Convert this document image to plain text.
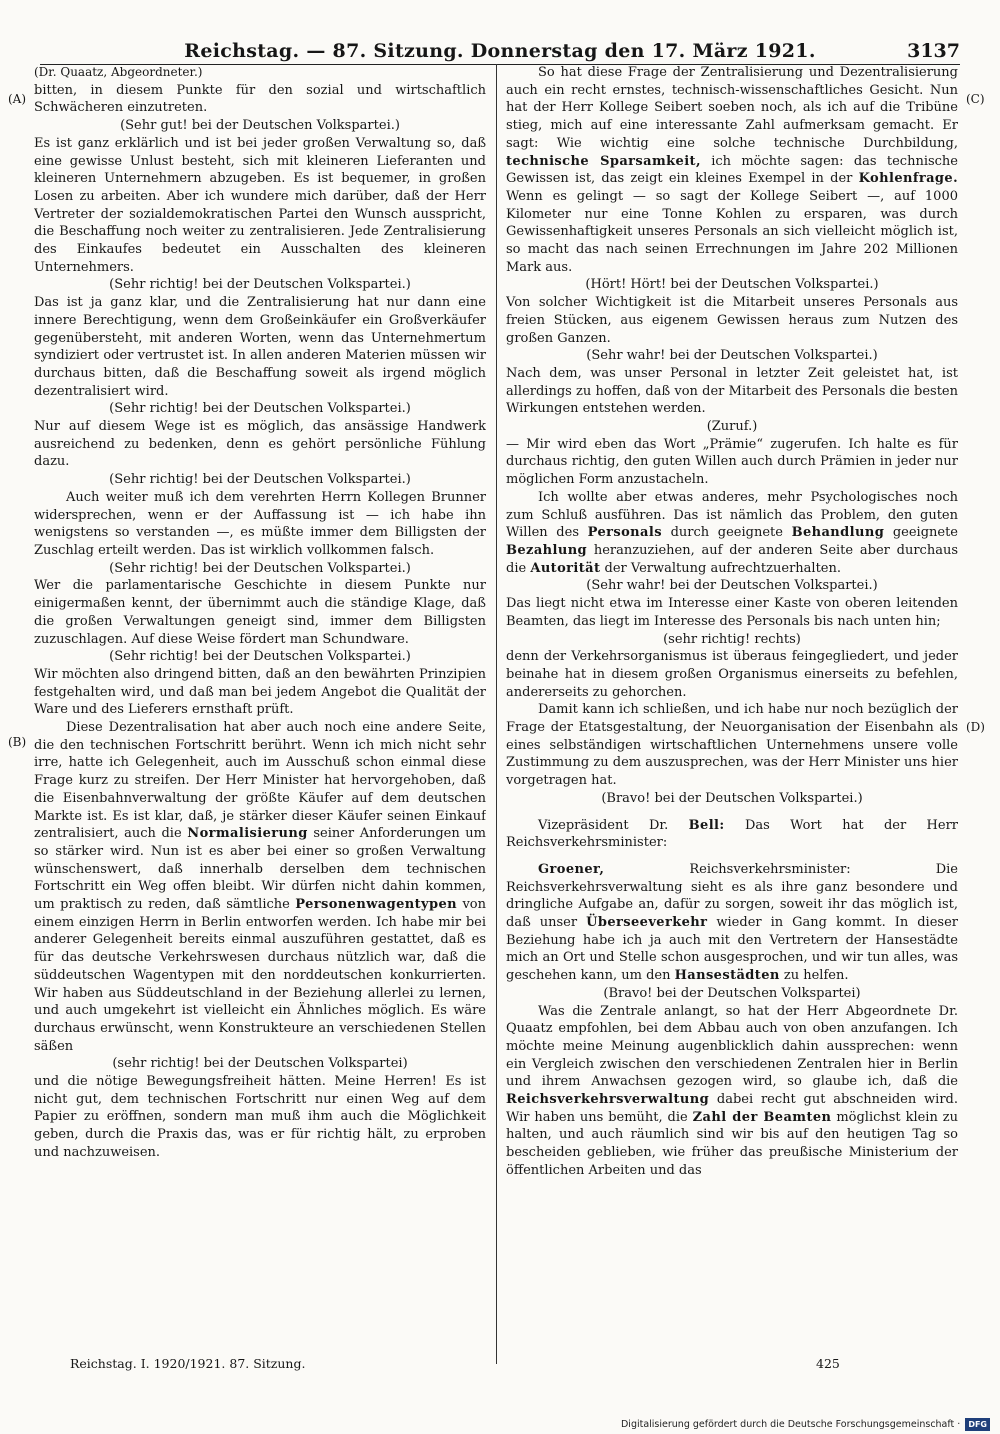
Reichstag. — 87. Sitzung. Donnerstag den 17. März 1921.	3137
(A)
(B)
(C)
(D)

(Dr. Quaatz, Abgeordneter.)

bitten, in diesem Punkte für den sozial und wirtschaftlich Schwächeren einzutreten.

(Sehr gut! bei der Deutschen Volkspartei.)

Es ist ganz erklärlich und ist bei jeder großen Verwaltung so, daß eine gewisse Unlust besteht, sich mit kleineren Lieferanten und kleineren Unternehmern abzugeben. Es ist bequemer, in großen Losen zu arbeiten. Aber ich wundere mich darüber, daß der Herr Vertreter der sozialdemokratischen Partei den Wunsch ausspricht, die Beschaffung noch weiter zu zentralisieren. Jede Zentralisierung des Einkaufes bedeutet ein Ausschalten des kleineren Unternehmers.

(Sehr richtig! bei der Deutschen Volkspartei.)

Das ist ja ganz klar, und die Zentralisierung hat nur dann eine innere Berechtigung, wenn dem Großeinkäufer ein Großverkäufer gegenübersteht, mit anderen Worten, wenn das Unternehmertum syndiziert oder vertrustet ist. In allen anderen Materien müssen wir durchaus bitten, daß die Beschaffung soweit als irgend möglich dezentralisiert wird.

(Sehr richtig! bei der Deutschen Volkspartei.)

Nur auf diesem Wege ist es möglich, das ansässige Handwerk ausreichend zu bedenken, denn es gehört persönliche Fühlung dazu.

(Sehr richtig! bei der Deutschen Volkspartei.)

Auch weiter muß ich dem verehrten Herrn Kollegen Brunner widersprechen, wenn er der Auffassung ist — ich habe ihn wenigstens so verstanden —, es müßte immer dem Billigsten der Zuschlag erteilt werden. Das ist wirklich vollkommen falsch.

(Sehr richtig! bei der Deutschen Volkspartei.)

Wer die parlamentarische Geschichte in diesem Punkte nur einigermaßen kennt, der übernimmt auch die ständige Klage, daß die großen Verwaltungen geneigt sind, immer dem Billigsten zuzuschlagen. Auf diese Weise fördert man Schundware.

(Sehr richtig! bei der Deutschen Volkspartei.)

Wir möchten also dringend bitten, daß an den bewährten Prinzipien festgehalten wird, und daß man bei jedem Angebot die Qualität der Ware und des Lieferers ernsthaft prüft.

Diese Dezentralisation hat aber auch noch eine andere Seite, die den technischen Fortschritt berührt. Wenn ich mich nicht sehr irre, hatte ich Gelegenheit, auch im Ausschuß schon einmal diese Frage kurz zu streifen. Der Herr Minister hat hervorgehoben, daß die Eisenbahnverwaltung der größte Käufer auf dem deutschen Markte ist. Es ist klar, daß, je stärker dieser Käufer seinen Einkauf zentralisiert, auch die Normalisierung seiner Anforderungen um so stärker wird. Nun ist es aber bei einer so großen Verwaltung wünschenswert, daß innerhalb derselben dem technischen Fortschritt ein Weg offen bleibt. Wir dürfen nicht dahin kommen, um praktisch zu reden, daß sämtliche Personenwagentypen von einem einzigen Herrn in Berlin entworfen werden. Ich habe mir bei anderer Gelegenheit bereits einmal auszuführen gestattet, daß es für das deutsche Verkehrswesen durchaus nützlich war, daß die süddeutschen Wagentypen mit den norddeutschen konkurrierten. Wir haben aus Süddeutschland in der Beziehung allerlei zu lernen, und auch umgekehrt ist vielleicht ein Ähnliches möglich. Es wäre durchaus erwünscht, wenn Konstrukteure an verschiedenen Stellen säßen

(sehr richtig! bei der Deutschen Volkspartei)

und die nötige Bewegungsfreiheit hätten. Meine Herren! Es ist nicht gut, dem technischen Fortschritt nur einen Weg auf dem Papier zu eröffnen, sondern man muß ihm auch die Möglichkeit geben, durch die Praxis das, was er für richtig hält, zu erproben und nachzuweisen.

So hat diese Frage der Zentralisierung und Dezentralisierung auch ein recht ernstes, technisch-wissenschaftliches Gesicht. Nun hat der Herr Kollege Seibert soeben noch, als ich auf die Tribüne stieg, mich auf eine interessante Zahl aufmerksam gemacht. Er sagt: Wie wichtig eine solche technische Durchbildung, technische Sparsamkeit, ich möchte sagen: das technische Gewissen ist, das zeigt ein kleines Exempel in der Kohlenfrage. Wenn es gelingt — so sagt der Kollege Seibert —, auf 1000 Kilometer nur eine Tonne Kohlen zu ersparen, was durch Gewissenhaftigkeit unseres Personals an sich vielleicht möglich ist, so macht das nach seinen Errechnungen im Jahre 202 Millionen Mark aus.

(Hört! Hört! bei der Deutschen Volkspartei.)

Von solcher Wichtigkeit ist die Mitarbeit unseres Personals aus freien Stücken, aus eigenem Gewissen heraus zum Nutzen des großen Ganzen.

(Sehr wahr! bei der Deutschen Volkspartei.)

Nach dem, was unser Personal in letzter Zeit geleistet hat, ist allerdings zu hoffen, daß von der Mitarbeit des Personals die besten Wirkungen entstehen werden.

(Zuruf.)

— Mir wird eben das Wort „Prämie“ zugerufen. Ich halte es für durchaus richtig, den guten Willen auch durch Prämien in jeder nur möglichen Form anzustacheln.

Ich wollte aber etwas anderes, mehr Psychologisches noch zum Schluß ausführen. Das ist nämlich das Problem, den guten Willen des Personals durch geeignete Behandlung geeignete Bezahlung heranzuziehen, auf der anderen Seite aber durchaus die Autorität der Verwaltung aufrechtzuerhalten.

(Sehr wahr! bei der Deutschen Volkspartei.)

Das liegt nicht etwa im Interesse einer Kaste von oberen leitenden Beamten, das liegt im Interesse des Personals bis nach unten hin;

(sehr richtig! rechts)

denn der Verkehrsorganismus ist überaus feingegliedert, und jeder beinahe hat in diesem großen Organismus einerseits zu befehlen, andererseits zu gehorchen.

Damit kann ich schließen, und ich habe nur noch bezüglich der Frage der Etatsgestaltung, der Neuorganisation der Eisenbahn als eines selbständigen wirtschaftlichen Unternehmens unsere volle Zustimmung zu dem auszusprechen, was der Herr Minister uns hier vorgetragen hat.

(Bravo! bei der Deutschen Volkspartei.)

Vizepräsident Dr. Bell: Das Wort hat der Herr Reichsverkehrsminister:

Groener,	Reichsverkehrsminister: Die Reichsverkehrsverwaltung sieht es als ihre ganz besondere und dringliche Aufgabe an, dafür zu sorgen, soweit ihr das möglich ist, daß unser Überseeverkehr wieder in Gang kommt. In dieser Beziehung habe ich ja auch mit den Vertretern der Hansestädte mich an Ort und Stelle schon ausgesprochen, und wir tun alles, was geschehen kann, um den Hansestädten zu helfen.

(Bravo! bei der Deutschen Volkspartei)

Was die Zentrale anlangt, so hat der Herr Abgeordnete Dr. Quaatz empfohlen, bei dem Abbau auch von oben anzufangen. Ich möchte meine Meinung augenblicklich dahin aussprechen: wenn ein Vergleich zwischen den verschiedenen Zentralen hier in Berlin und ihrem Anwachsen gezogen wird, so glaube ich, daß die Reichsverkehrsverwaltung dabei recht gut abschneiden wird. Wir haben uns bemüht, die Zahl der Beamten möglichst klein zu halten, und auch räumlich sind wir bis auf den heutigen Tag so bescheiden geblieben, wie früher das preußische Ministerium der öffentlichen Arbeiten und das

Reichstag. I. 1920/1921. 87. Sitzung.	425
Digitalisierung gefördert durch die Deutsche Forschungsgemeinschaft ·	DFG
